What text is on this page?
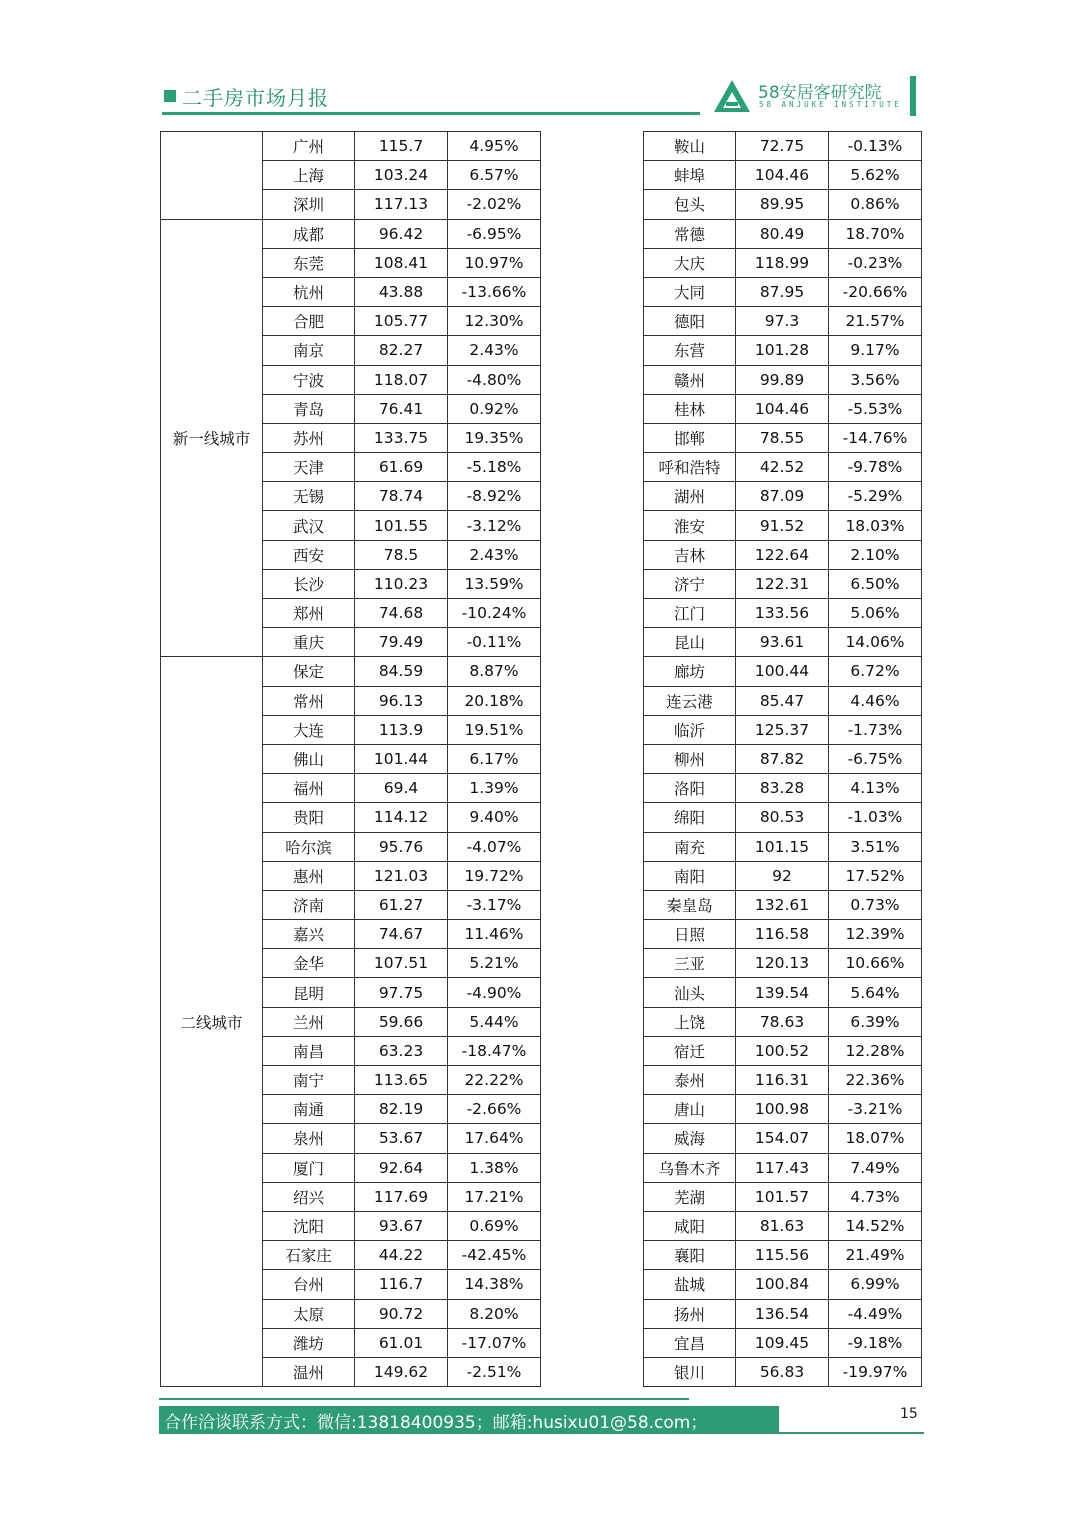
二手房市场月报	58安居客研究院
58 ANJUKE INSTITUTE
	广州	115.7	4.95%		鞍山	72.75	-0.13%
	上海	103.24	6.57%		蚌埠	104.46	5.62%
	深圳	117.13	-2.02%		包头	89.95	0.86%
新一线城市	成都	96.42	-6.95%		常德	80.49	18.70%
	东莞	108.41	10.97%		大庆	118.99	-0.23%
	杭州	43.88	-13.66%		大同	87.95	-20.66%
	合肥	105.77	12.30%		德阳	97.3	21.57%
	南京	82.27	2.43%		东营	101.28	9.17%
	宁波	118.07	-4.80%		赣州	99.89	3.56%
	青岛	76.41	0.92%		桂林	104.46	-5.53%
	苏州	133.75	19.35%		邯郸	78.55	-14.76%
	天津	61.69	-5.18%		呼和浩特	42.52	-9.78%
	无锡	78.74	-8.92%		湖州	87.09	-5.29%
	武汉	101.55	-3.12%		淮安	91.52	18.03%
	西安	78.5	2.43%		吉林	122.64	2.10%
	长沙	110.23	13.59%		济宁	122.31	6.50%
	郑州	74.68	-10.24%		江门	133.56	5.06%
	重庆	79.49	-0.11%		昆山	93.61	14.06%
二线城市	保定	84.59	8.87%		廊坊	100.44	6.72%
	常州	96.13	20.18%		连云港	85.47	4.46%
	大连	113.9	19.51%		临沂	125.37	-1.73%
	佛山	101.44	6.17%		柳州	87.82	-6.75%
	福州	69.4	1.39%		洛阳	83.28	4.13%
	贵阳	114.12	9.40%		绵阳	80.53	-1.03%
	哈尔滨	95.76	-4.07%		南充	101.15	3.51%
	惠州	121.03	19.72%		南阳	92	17.52%
	济南	61.27	-3.17%		秦皇岛	132.61	0.73%
	嘉兴	74.67	11.46%		日照	116.58	12.39%
	金华	107.51	5.21%		三亚	120.13	10.66%
	昆明	97.75	-4.90%		汕头	139.54	5.64%
	兰州	59.66	5.44%		上饶	78.63	6.39%
	南昌	63.23	-18.47%		宿迁	100.52	12.28%
	南宁	113.65	22.22%		泰州	116.31	22.36%
	南通	82.19	-2.66%		唐山	100.98	-3.21%
	泉州	53.67	17.64%		威海	154.07	18.07%
	厦门	92.64	1.38%		乌鲁木齐	117.43	7.49%
	绍兴	117.69	17.21%		芜湖	101.57	4.73%
	沈阳	93.67	0.69%		咸阳	81.63	14.52%
	石家庄	44.22	-42.45%		襄阳	115.56	21.49%
	台州	116.7	14.38%		盐城	100.84	6.99%
	太原	90.72	8.20%		扬州	136.54	-4.49%
	潍坊	61.01	-17.07%		宜昌	109.45	-9.18%
	温州	149.62	-2.51%		银川	56.83	-19.97%
合作洽谈联系方式：微信:13818400935；邮箱:husixu01@58.com；	15
